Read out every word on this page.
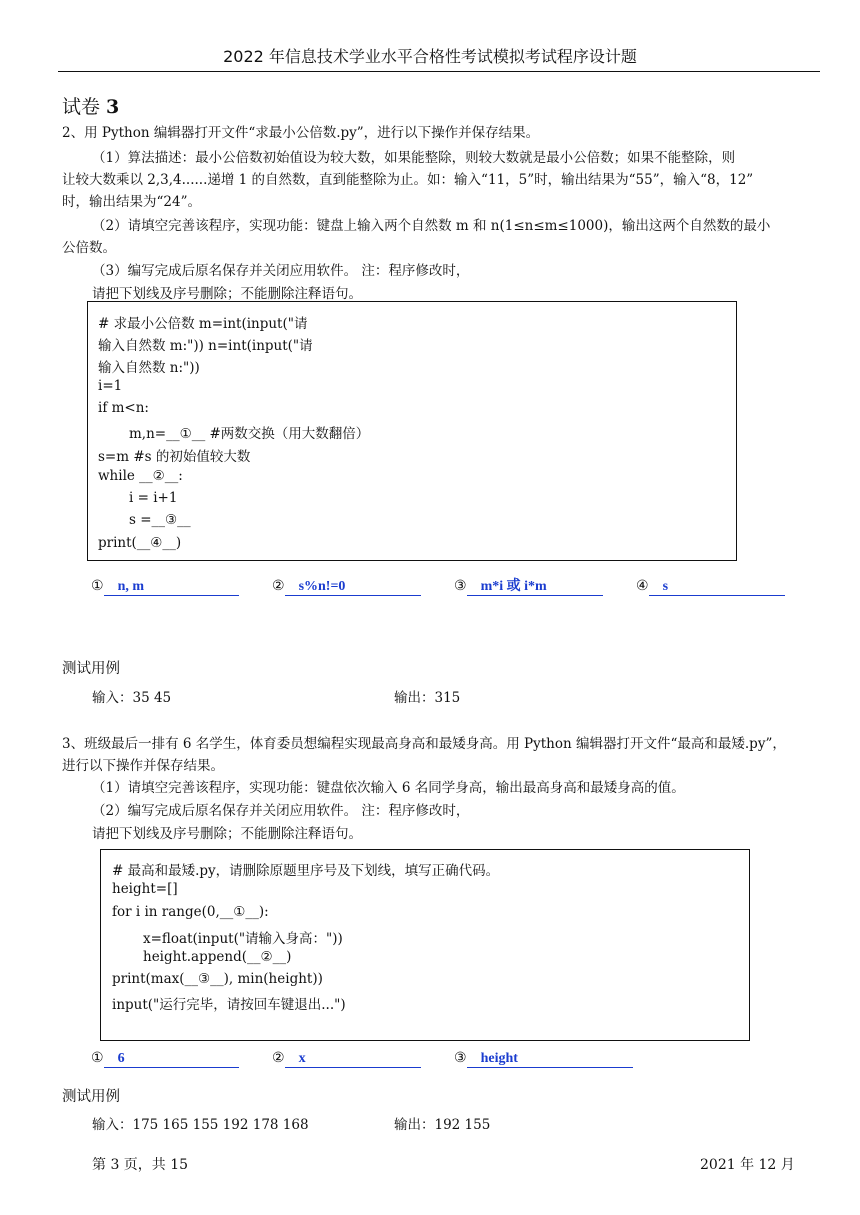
2022 年信息技术学业水平合格性考试模拟考试程序设计题
试卷 3
2、用 Python 编辑器打开文件“求最小公倍数.py”，进行以下操作并保存结果。
（1）算法描述：最小公倍数初始值设为较大数，如果能整除，则较大数就是最小公倍数；如果不能整除，则
让较大数乘以 2,3,4......递增 1 的自然数，直到能整除为止。如：输入“11，5”时，输出结果为“55”，输入“8，12”
时，输出结果为“24”。
（2）请填空完善该程序，实现功能：键盘上输入两个自然数 m 和 n(1≤n≤m≤1000)，输出这两个自然数的最小
公倍数。
（3）编写完成后原名保存并关闭应用软件。 注：程序修改时，
请把下划线及序号删除；不能删除注释语句。
# 求最小公倍数 m=int(input("请
输入自然数 m:")) n=int(input("请
输入自然数 n:"))
i=1
if m<n:
m,n=__①__ #两数交换（用大数翻倍）
s=m #s 的初始值较大数
while __②__:
i = i+1
s =__③__
print(__④__)
① n, m	② s%n!=0	③ m*i 或 i*m	④ s
测试用例
输入：35 45	输出：315
3、班级最后一排有 6 名学生，体育委员想编程实现最高身高和最矮身高。用 Python 编辑器打开文件“最高和最矮.py”，
进行以下操作并保存结果。
（1）请填空完善该程序，实现功能：键盘依次输入 6 名同学身高，输出最高身高和最矮身高的值。
（2）编写完成后原名保存并关闭应用软件。 注：程序修改时，
请把下划线及序号删除；不能删除注释语句。
# 最高和最矮.py，请删除原题里序号及下划线，填写正确代码。
height=[]
for i in range(0,__①__):
x=float(input("请输入身高："))
height.append(__②__)
print(max(__③__), min(height))
input("运行完毕，请按回车键退出...")
① 6	② x	③ height
测试用例
输入：175 165 155 192 178 168	输出：192 155
第 3 页，共 15	2021 年 12 月
